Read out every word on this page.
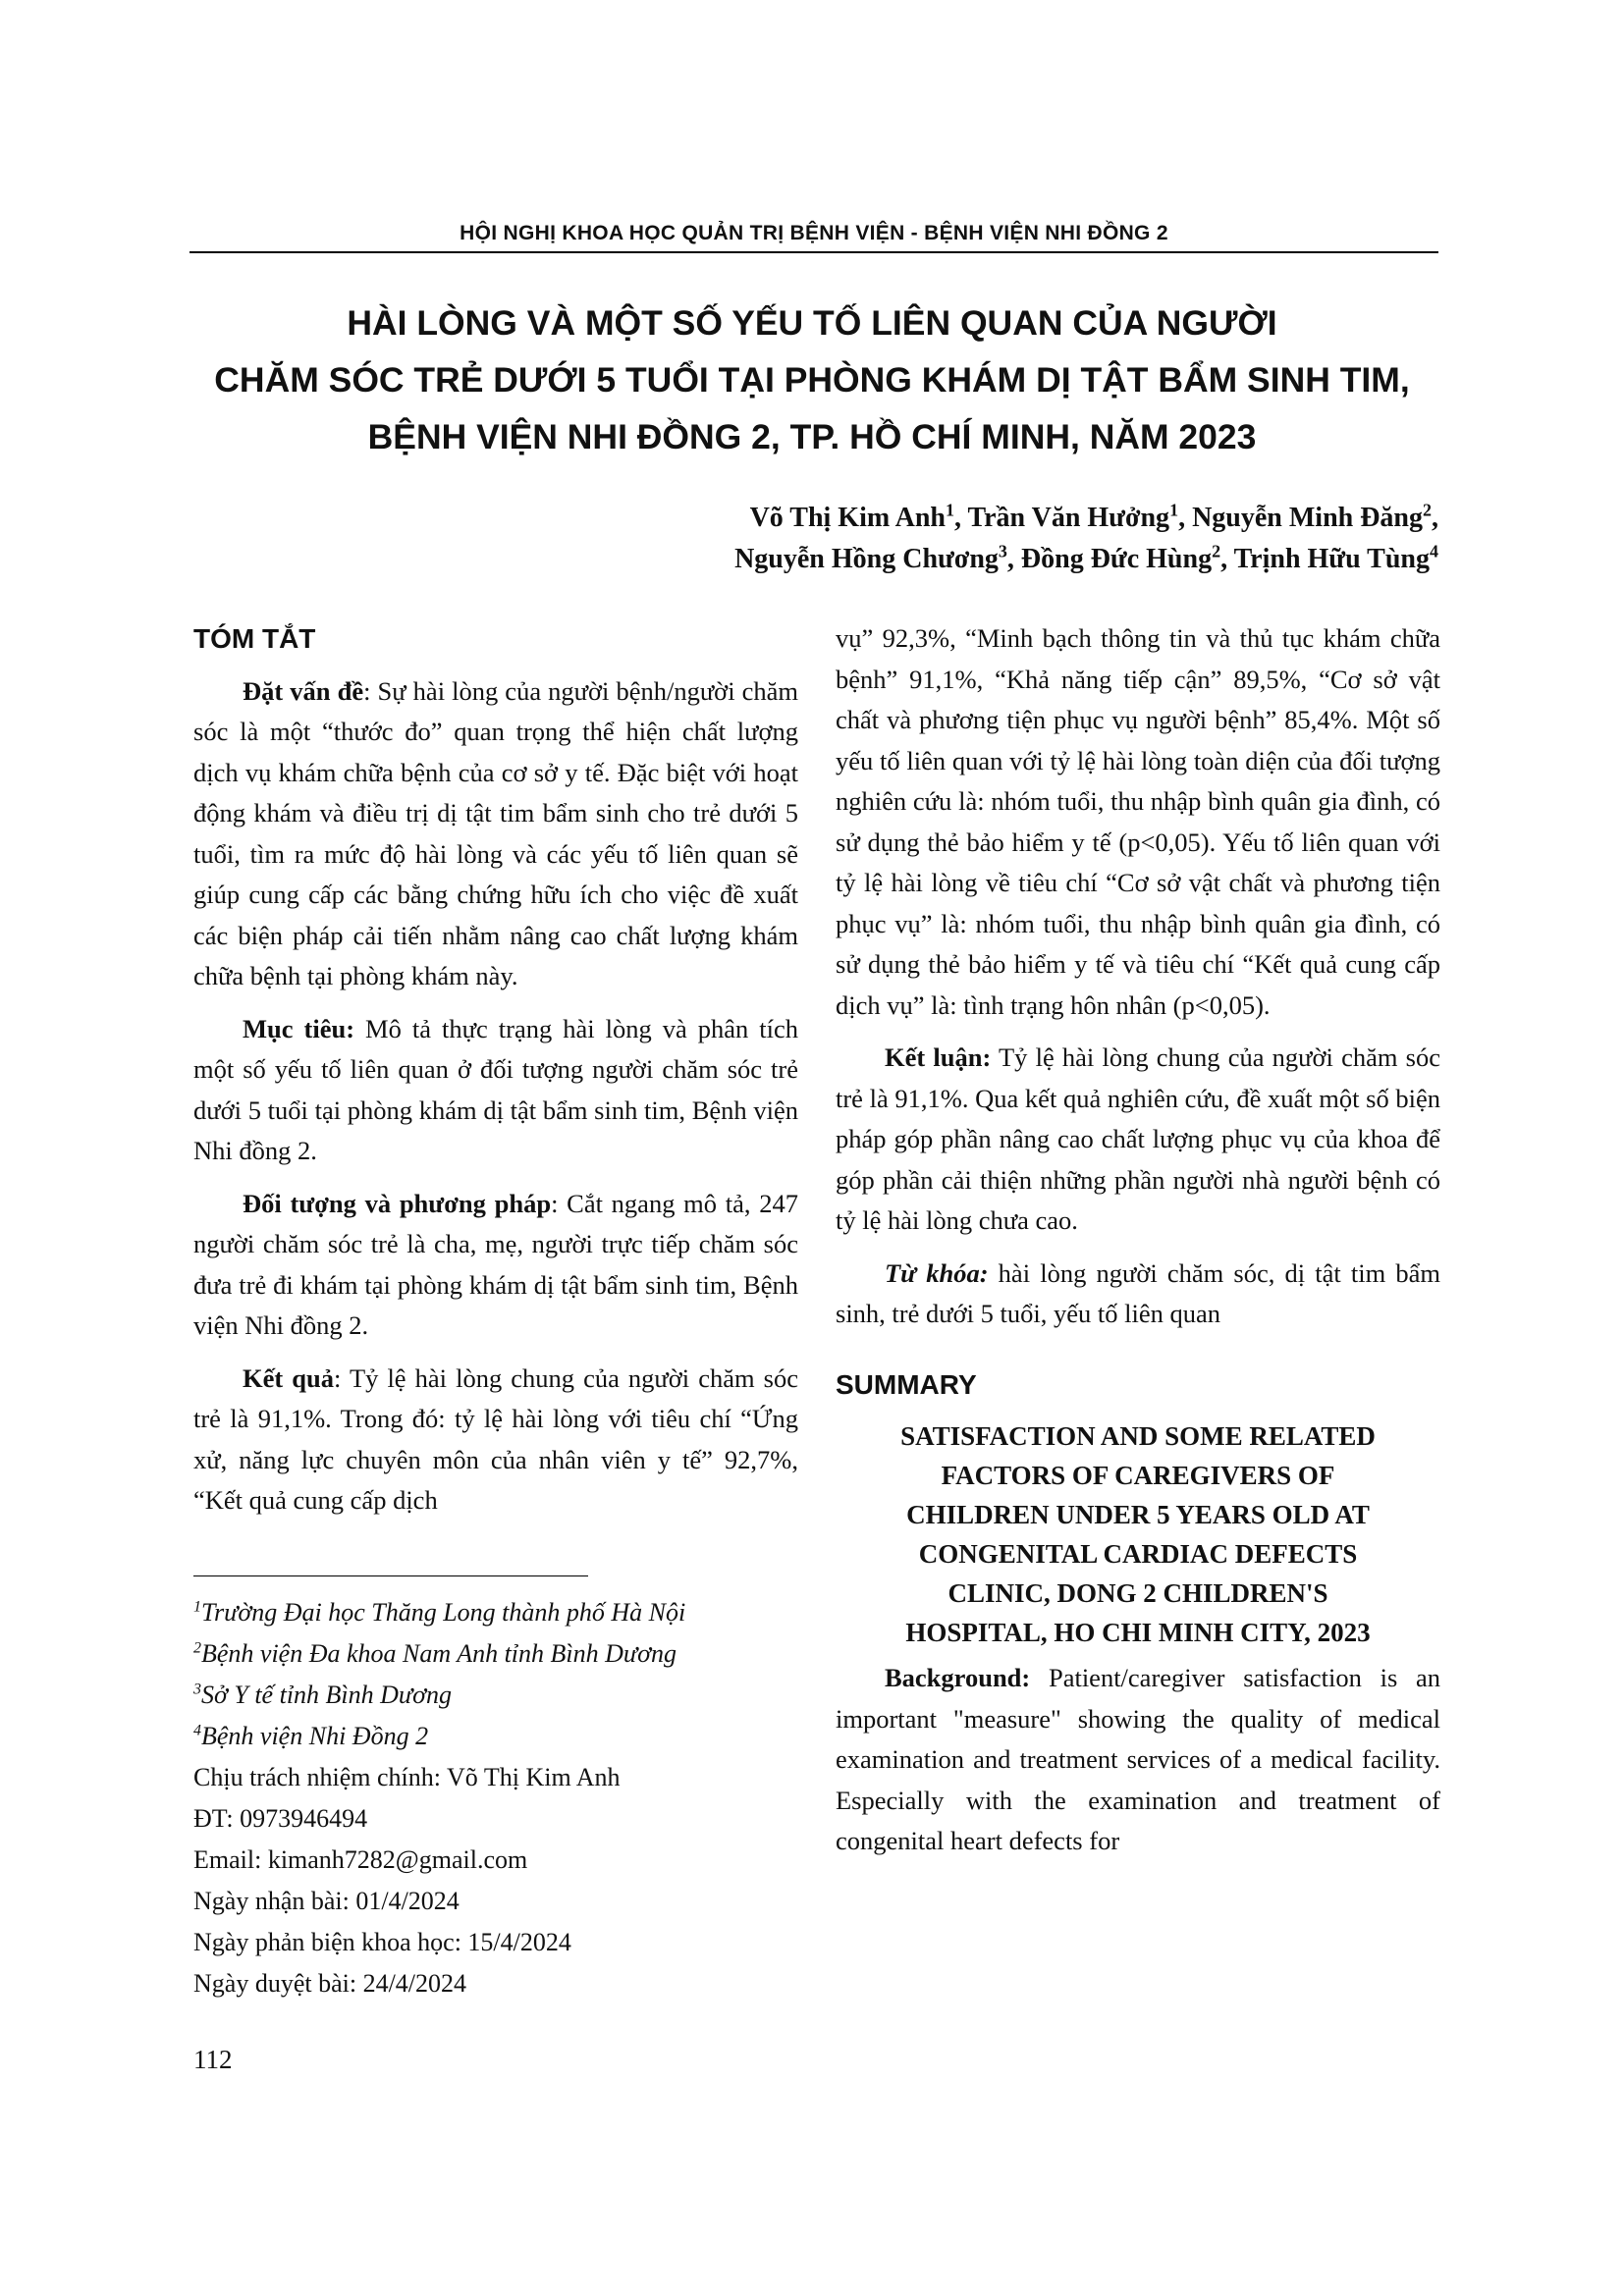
HỘI NGHỊ KHOA HỌC QUẢN TRỊ BỆNH VIỆN - BỆNH VIỆN NHI ĐỒNG 2
HÀI LÒNG VÀ MỘT SỐ YẾU TỐ LIÊN QUAN CỦA NGƯỜI
CHĂM SÓC TRẺ DƯỚI 5 TUỔI TẠI PHÒNG KHÁM DỊ TẬT BẨM SINH TIM,
BỆNH VIỆN NHI ĐỒNG 2, TP. HỒ CHÍ MINH, NĂM 2023
Võ Thị Kim Anh$^1$, Trần Văn Hưởng$^1$, Nguyễn Minh Đăng$^2$,
Nguyễn Hồng Chương$^3$, Đồng Đức Hùng$^2$, Trịnh Hữu Tùng$^4$

TÓM TẮT

Đặt vấn đề: Sự hài lòng của người bệnh/người chăm sóc là một “thước đo” quan trọng thể hiện chất lượng dịch vụ khám chữa bệnh của cơ sở y tế. Đặc biệt với hoạt động khám và điều trị dị tật tim bẩm sinh cho trẻ dưới 5 tuổi, tìm ra mức độ hài lòng và các yếu tố liên quan sẽ giúp cung cấp các bằng chứng hữu ích cho việc đề xuất các biện pháp cải tiến nhằm nâng cao chất lượng khám chữa bệnh tại phòng khám này.

Mục tiêu: Mô tả thực trạng hài lòng và phân tích một số yếu tố liên quan ở đối tượng người chăm sóc trẻ dưới 5 tuổi tại phòng khám dị tật bẩm sinh tim, Bệnh viện Nhi đồng 2.

Đối tượng và phương pháp: Cắt ngang mô tả, 247 người chăm sóc trẻ là cha, mẹ, người trực tiếp chăm sóc đưa trẻ đi khám tại phòng khám dị tật bẩm sinh tim, Bệnh viện Nhi đồng 2.

Kết quả: Tỷ lệ hài lòng chung của người chăm sóc trẻ là 91,1%. Trong đó: tỷ lệ hài lòng với tiêu chí “Ứng xử, năng lực chuyên môn của nhân viên y tế” 92,7%, “Kết quả cung cấp dịch

$^1$Trường Đại học Thăng Long thành phố Hà Nội
$^2$Bệnh viện Đa khoa Nam Anh tỉnh Bình Dương
$^3$Sở Y tế tỉnh Bình Dương
$^4$Bệnh viện Nhi Đồng 2
Chịu trách nhiệm chính: Võ Thị Kim Anh
ĐT: 0973946494
Email: kimanh7282@gmail.com
Ngày nhận bài: 01/4/2024
Ngày phản biện khoa học: 15/4/2024
Ngày duyệt bài: 24/4/2024

vụ” 92,3%, “Minh bạch thông tin và thủ tục khám chữa bệnh” 91,1%, “Khả năng tiếp cận” 89,5%, “Cơ sở vật chất và phương tiện phục vụ người bệnh” 85,4%. Một số yếu tố liên quan với tỷ lệ hài lòng toàn diện của đối tượng nghiên cứu là: nhóm tuổi, thu nhập bình quân gia đình, có sử dụng thẻ bảo hiểm y tế (p<0,05). Yếu tố liên quan với tỷ lệ hài lòng về tiêu chí “Cơ sở vật chất và phương tiện phục vụ” là: nhóm tuổi, thu nhập bình quân gia đình, có sử dụng thẻ bảo hiểm y tế và tiêu chí “Kết quả cung cấp dịch vụ” là: tình trạng hôn nhân (p<0,05).

Kết luận: Tỷ lệ hài lòng chung của người chăm sóc trẻ là 91,1%. Qua kết quả nghiên cứu, đề xuất một số biện pháp góp phần nâng cao chất lượng phục vụ của khoa để góp phần cải thiện những phần người nhà người bệnh có tỷ lệ hài lòng chưa cao.

Từ khóa: hài lòng người chăm sóc, dị tật tim bẩm sinh, trẻ dưới 5 tuổi, yếu tố liên quan

SUMMARY

SATISFACTION AND SOME RELATED
FACTORS OF CAREGIVERS OF
CHILDREN UNDER 5 YEARS OLD AT
CONGENITAL CARDIAC DEFECTS
CLINIC, DONG 2 CHILDREN'S
HOSPITAL, HO CHI MINH CITY, 2023

Background: Patient/caregiver satisfaction is an important "measure" showing the quality of medical examination and treatment services of a medical facility. Especially with the examination and treatment of congenital heart defects for

112
